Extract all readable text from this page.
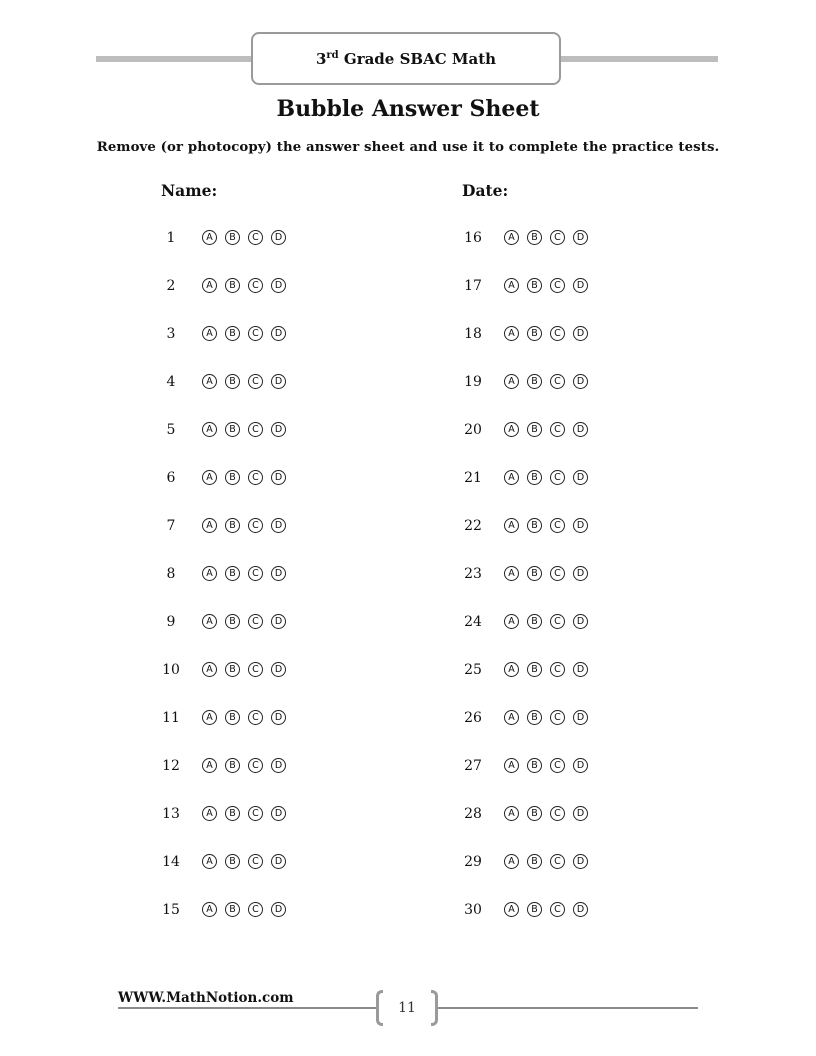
3rd Grade SBAC Math
Bubble Answer Sheet
Remove (or photocopy) the answer sheet and use it to complete the practice tests.
Name:	Date:
1	A	B	C	D
2	A	B	C	D
3	A	B	C	D
4	A	B	C	D
5	A	B	C	D
6	A	B	C	D
7	A	B	C	D
8	A	B	C	D
9	A	B	C	D
10	A	B	C	D
11	A	B	C	D
12	A	B	C	D
13	A	B	C	D
14	A	B	C	D
15	A	B	C	D
16	A	B	C	D
17	A	B	C	D
18	A	B	C	D
19	A	B	C	D
20	A	B	C	D
21	A	B	C	D
22	A	B	C	D
23	A	B	C	D
24	A	B	C	D
25	A	B	C	D
26	A	B	C	D
27	A	B	C	D
28	A	B	C	D
29	A	B	C	D
30	A	B	C	D
WWW.MathNotion.com
11
